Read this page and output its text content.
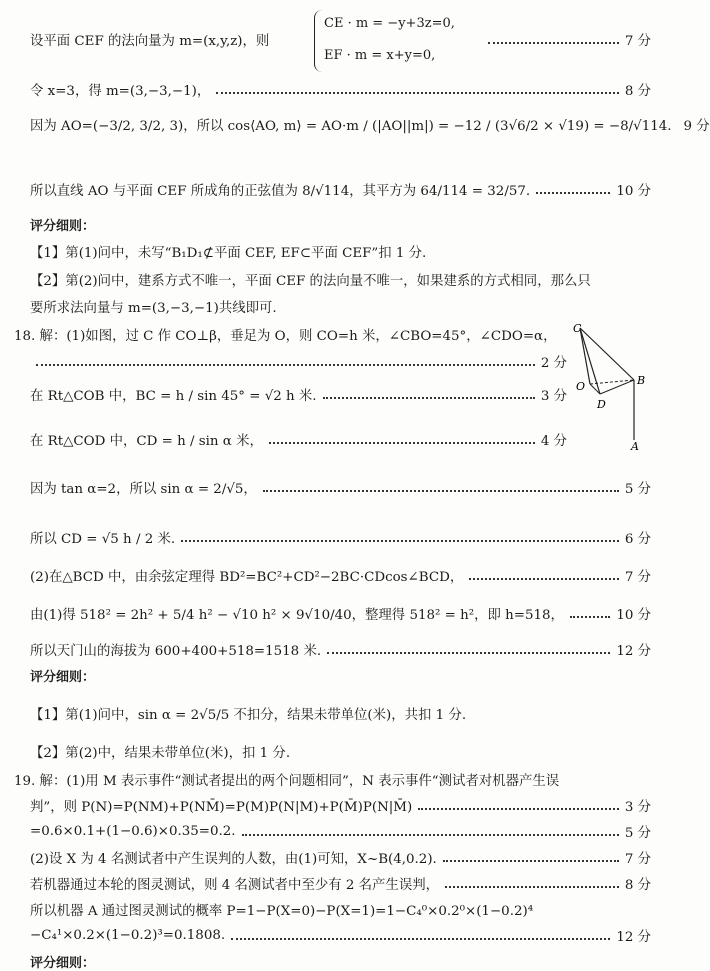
设平面 CEF 的法向量为 m=(x,y,z)，则	7 分
CE · m = −y+3z=0,
EF · m = x+y=0,
令 x=3，得 m=(3,−3,−1)，	8 分
因为 AO=(−3/2, 3/2, 3)，所以 cos⟨AO, m⟩ = AO·m / (|AO||m|) = −12 / (3√6/2 × √19) = −8/√114. 9 分
所以直线 AO 与平面 CEF 所成角的正弦值为 8/√114，其平方为 64/114 = 32/57.	10 分
评分细则：
【1】第(1)问中，未写“B₁D₁⊄平面 CEF, EF⊂平面 CEF”扣 1 分.
【2】第(2)问中，建系方式不唯一，平面 CEF 的法向量不唯一，如果建系的方式相同，那么只
要所求法向量与 m=(3,−3,−1)共线即可.
18. 解：(1)如图，过 C 作 CO⊥β，垂足为 O，则 CO=h 米，∠CBO=45°，∠CDO=α，
2 分
在 Rt△COB 中，BC = h / sin 45° = √2 h 米.	3 分
在 Rt△COD 中，CD = h / sin α 米，	4 分
因为 tan α=2，所以 sin α = 2/√5，	5 分
所以 CD = √5 h / 2 米.	6 分
(2)在△BCD 中，由余弦定理得 BD²=BC²+CD²−2BC·CDcos∠BCD，	7 分
由(1)得 518² = 2h² + 5/4 h² − √10 h² × 9√10/40，整理得 518² = h²，即 h=518，	10 分
所以天门山的海拔为 600+400+518=1518 米.	12 分
评分细则：
【1】第(1)问中，sin α = 2√5/5 不扣分，结果未带单位(米)，共扣 1 分.
【2】第(2)中，结果未带单位(米)，扣 1 分.
19. 解：(1)用 M 表示事件“测试者提出的两个问题相同”，N 表示事件“测试者对机器产生误
判”，则 P(N)=P(NM)+P(NM̄)=P(M)P(N|M)+P(M̄)P(N|M̄)	3 分
=0.6×0.1+(1−0.6)×0.35=0.2.	5 分
(2)设 X 为 4 名测试者中产生误判的人数，由(1)可知，X~B(4,0.2).	7 分
若机器通过本轮的图灵测试，则 4 名测试者中至少有 2 名产生误判，	8 分
所以机器 A 通过图灵测试的概率 P=1−P(X=0)−P(X=1)=1−C₄⁰×0.2⁰×(1−0.2)⁴
−C₄¹×0.2×(1−0.2)³=0.1808.	12 分
评分细则：
C
O
D
B
A
